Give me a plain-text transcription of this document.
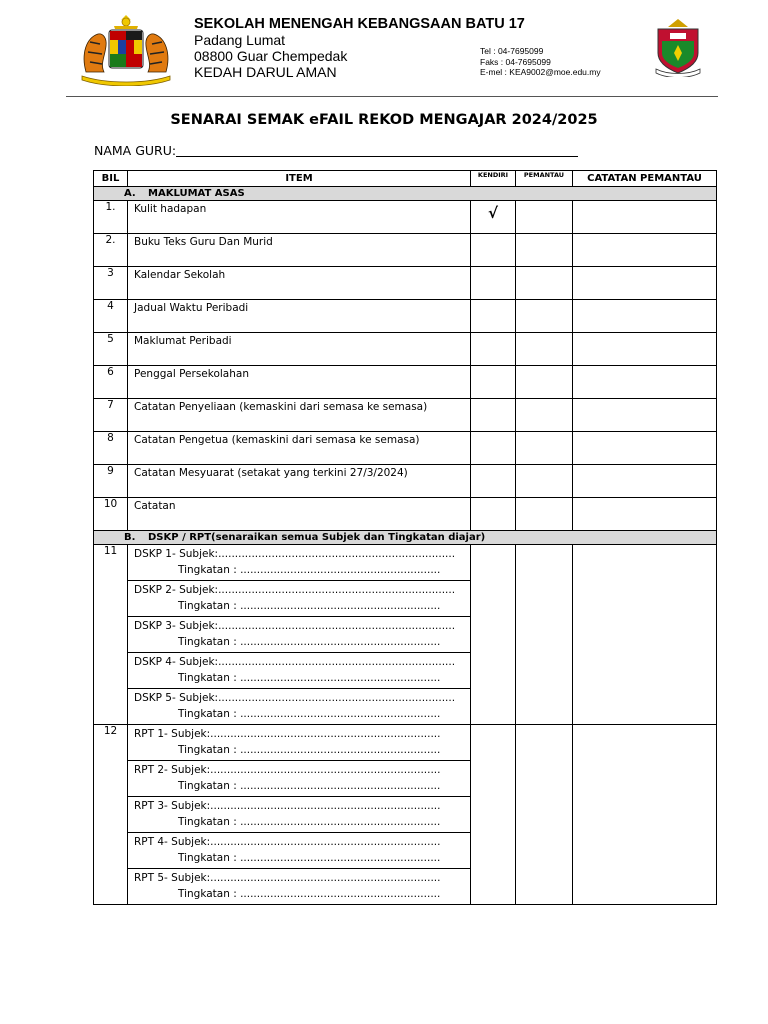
SEKOLAH MENENGAH KEBANGSAAN BATU 17
Padang Lumat
08800 Guar Chempedak
KEDAH DARUL AMAN
Tel : 04-7695099
Faks : 04-7695099
E-mel : KEA9002@moe.edu.my
SENARAI SEMAK eFAIL REKOD MENGAJAR 2024/2025
NAMA GURU:
BIL	ITEM	KENDIRI	PEMANTAU	CATATAN PEMANTAU
A. MAKLUMAT ASAS				
1.	Kulit hadapan	√		
2.	Buku Teks Guru Dan Murid			
3	Kalendar Sekolah			
4	Jadual Waktu Peribadi			
5	Maklumat Peribadi			
6	Penggal Persekolahan			
7	Catatan Penyeliaan (kemaskini dari semasa ke semasa)			
8	Catatan Pengetua (kemaskini dari semasa ke semasa)			
9	Catatan Mesyuarat (setakat yang terkini 27/3/2024)			
10	Catatan			
B. DSKP / RPT(senaraikan semua Subjek dan Tingkatan diajar)				
11	DSKP 1- Subjek:.......................................................................
Tingkatan : ............................................................			

	DSKP 2- Subjek:.......................................................................
Tingkatan : ............................................................			

	DSKP 3- Subjek:.......................................................................
Tingkatan : ............................................................			

	DSKP 4- Subjek:.......................................................................
Tingkatan : ............................................................			

	DSKP 5- Subjek:.......................................................................
Tingkatan : ............................................................			

12	RPT 1- Subjek:.....................................................................
Tingkatan : ............................................................			

	RPT 2- Subjek:.....................................................................
Tingkatan : ............................................................			

	RPT 3- Subjek:.....................................................................
Tingkatan : ............................................................			

	RPT 4- Subjek:.....................................................................
Tingkatan : ............................................................			

	RPT 5- Subjek:.....................................................................
Tingkatan : ............................................................			
